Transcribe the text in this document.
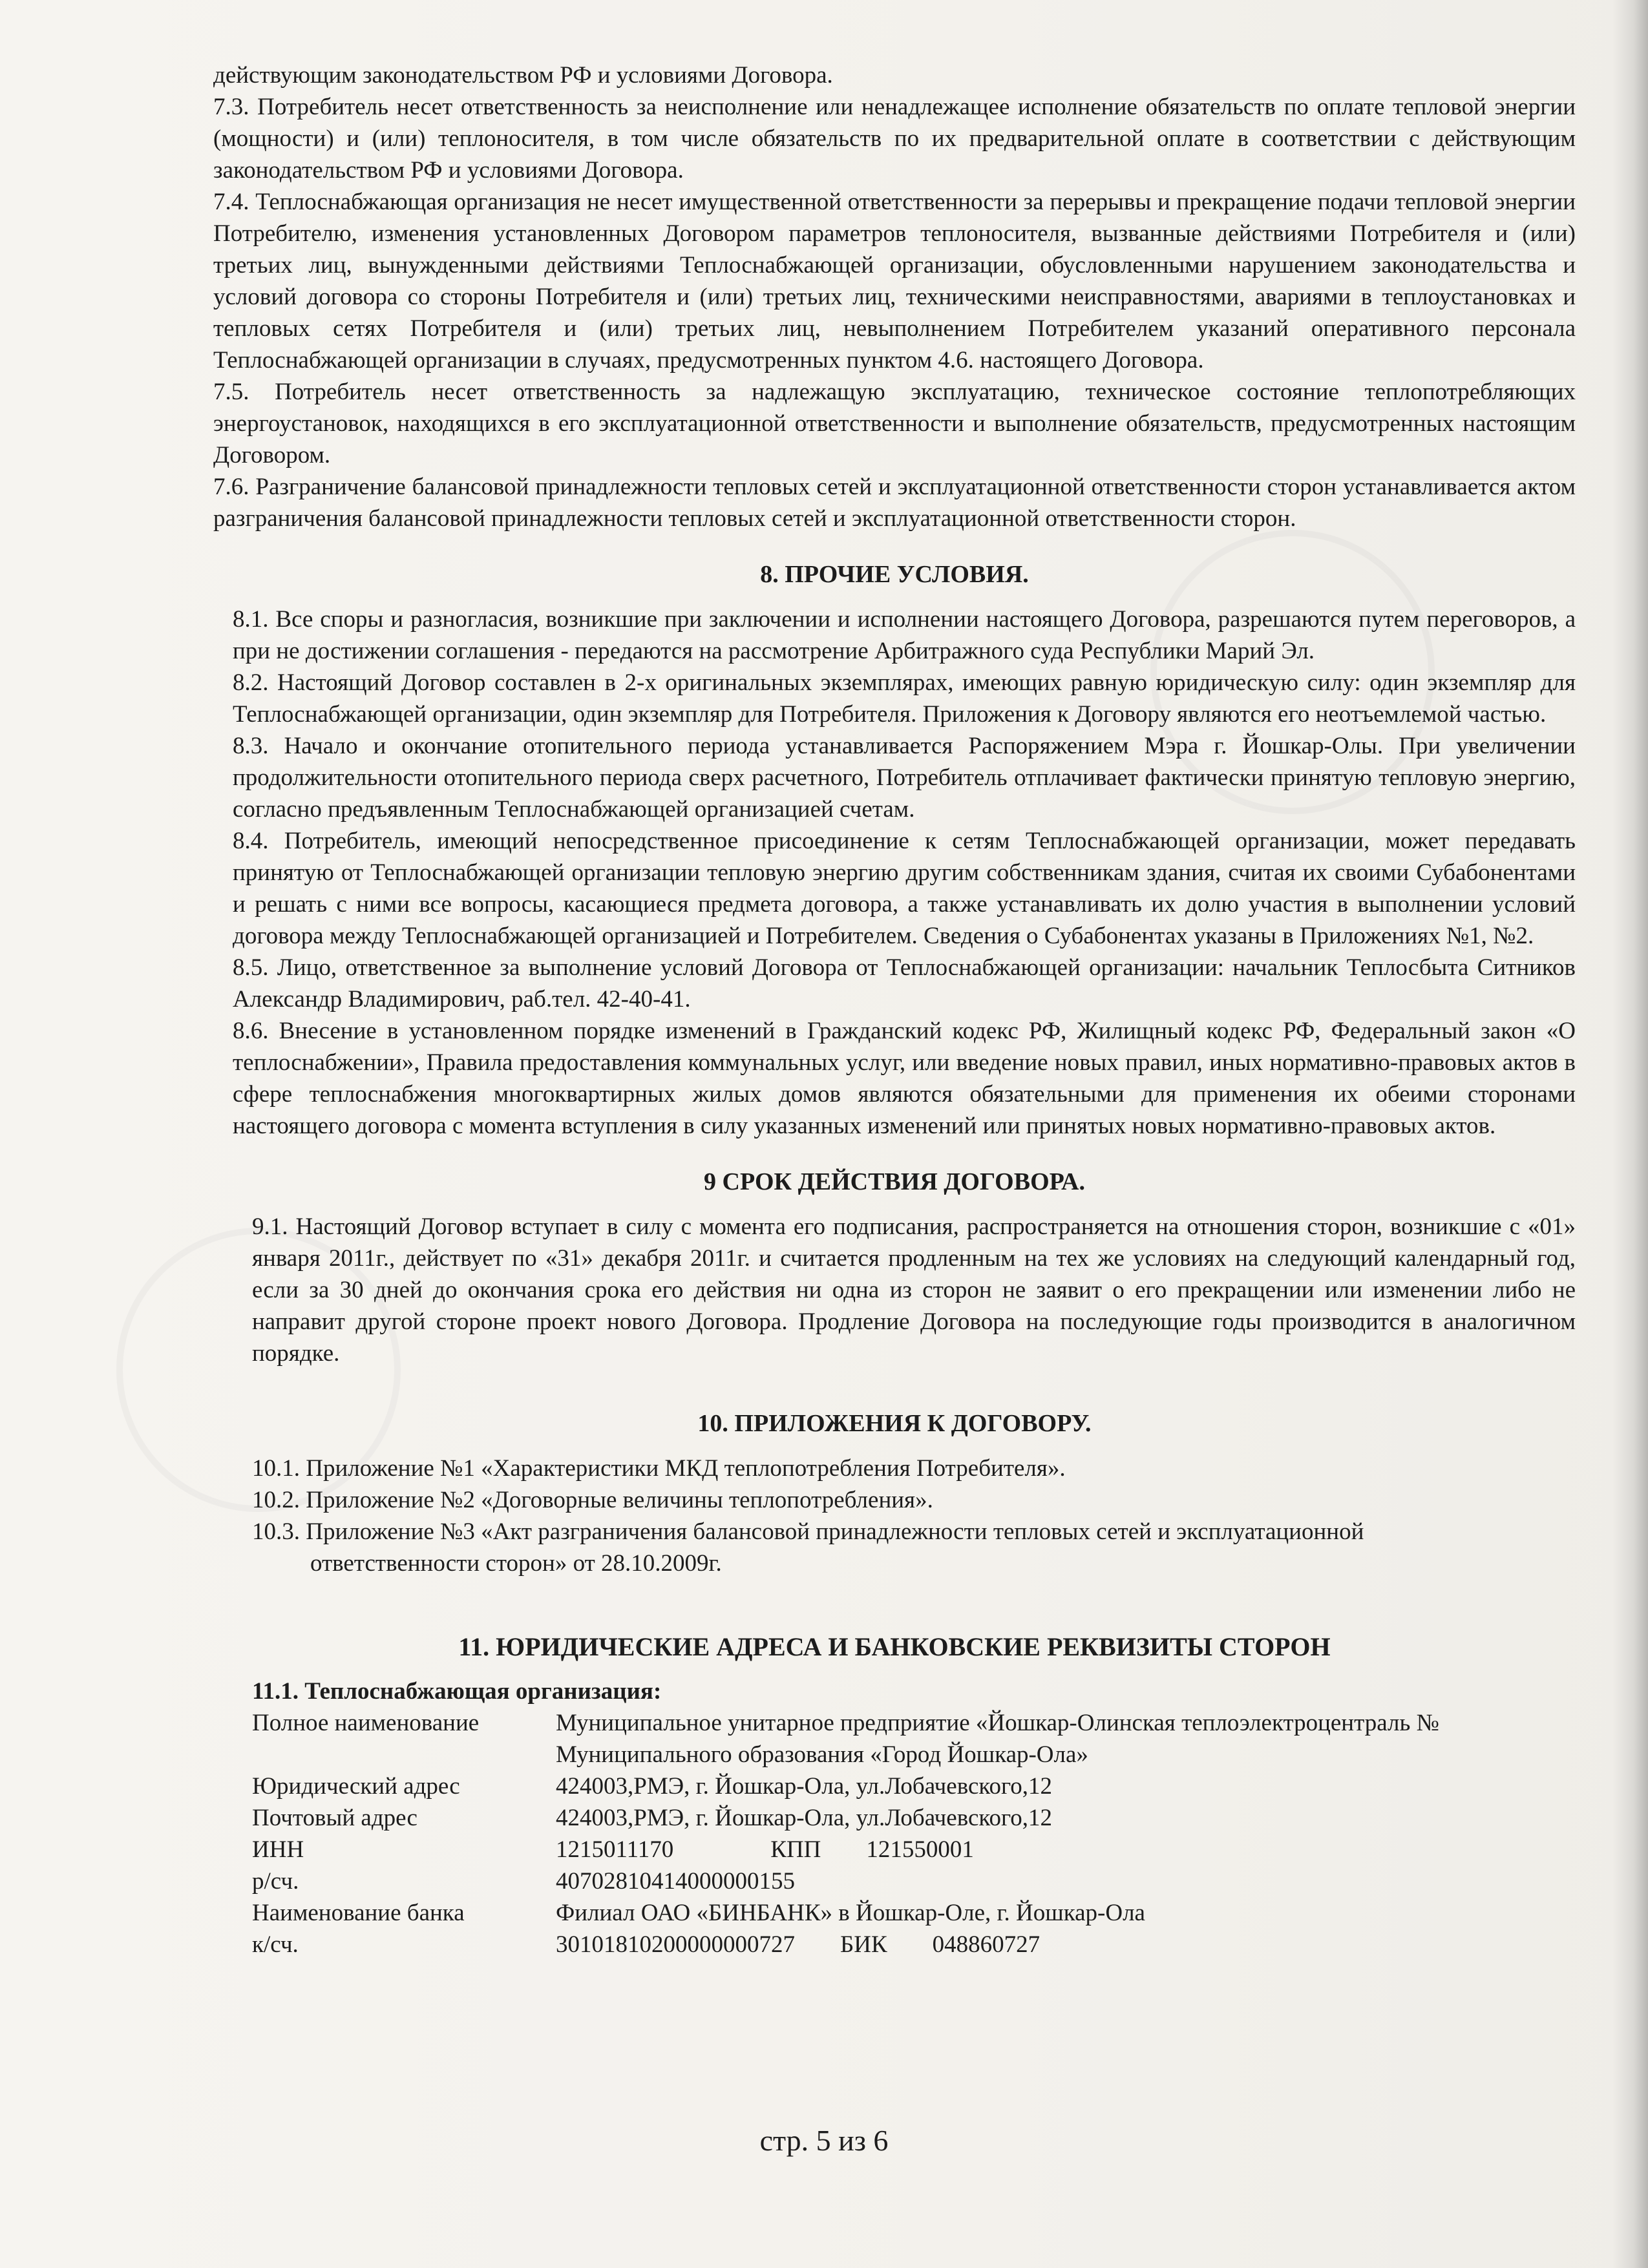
действующим законодательством РФ и условиями Договора.

7.3. Потребитель несет ответственность за неисполнение или ненадлежащее исполнение обязательств по оплате тепловой энергии (мощности) и (или) теплоносителя, в том числе обязательств по их предварительной оплате в соответствии с действующим законодательством РФ и условиями Договора.

7.4. Теплоснабжающая организация не несет имущественной ответственности за перерывы и прекращение подачи тепловой энергии Потребителю, изменения установленных Договором параметров теплоносителя, вызванные действиями Потребителя и (или) третьих лиц, вынужденными действиями Теплоснабжающей организации, обусловленными нарушением законодательства и условий договора со стороны Потребителя и (или) третьих лиц, техническими неисправностями, авариями в теплоустановках и тепловых сетях Потребителя и (или) третьих лиц, невыполнением Потребителем указаний оперативного персонала Теплоснабжающей организации в случаях, предусмотренных пунктом 4.6. настоящего Договора.

7.5. Потребитель несет ответственность за надлежащую эксплуатацию, техническое состояние теплопотребляющих энергоустановок, находящихся в его эксплуатационной ответственности и выполнение обязательств, предусмотренных настоящим Договором.

7.6. Разграничение балансовой принадлежности тепловых сетей и эксплуатационной ответственности сторон устанавливается актом разграничения балансовой принадлежности тепловых сетей и эксплуатационной ответственности сторон.

8. ПРОЧИЕ УСЛОВИЯ.

8.1. Все споры и разногласия, возникшие при заключении и исполнении настоящего Договора, разрешаются путем переговоров, а при не достижении соглашения - передаются на рассмотрение Арбитражного суда Республики Марий Эл.

8.2. Настоящий Договор составлен в 2-х оригинальных экземплярах, имеющих равную юридическую силу: один экземпляр для Теплоснабжающей организации, один экземпляр для Потребителя. Приложения к Договору являются его неотъемлемой частью.

8.3. Начало и окончание отопительного периода устанавливается Распоряжением Мэра г. Йошкар-Олы. При увеличении продолжительности отопительного периода сверх расчетного, Потребитель отплачивает фактически принятую тепловую энергию, согласно предъявленным Теплоснабжающей организацией счетам.

8.4. Потребитель, имеющий непосредственное присоединение к сетям Теплоснабжающей организации, может передавать принятую от Теплоснабжающей организации тепловую энергию другим собственникам здания, считая их своими Субабонентами и решать с ними все вопросы, касающиеся предмета договора, а также устанавливать их долю участия в выполнении условий договора между Теплоснабжающей организацией и Потребителем. Сведения о Субабонентах указаны в Приложениях №1, №2.

8.5. Лицо, ответственное за выполнение условий Договора от Теплоснабжающей организации: начальник Теплосбыта Ситников Александр Владимирович, раб.тел. 42-40-41.

8.6. Внесение в установленном порядке изменений в Гражданский кодекс РФ, Жилищный кодекс РФ, Федеральный закон «О теплоснабжении», Правила предоставления коммунальных услуг, или введение новых правил, иных нормативно-правовых актов в сфере теплоснабжения многоквартирных жилых домов являются обязательными для применения их обеими сторонами настоящего договора с момента вступления в силу указанных изменений или принятых новых нормативно-правовых актов.

9 СРОК ДЕЙСТВИЯ ДОГОВОРА.

9.1. Настоящий Договор вступает в силу с момента его подписания, распространяется на отношения сторон, возникшие с «01» января 2011г., действует по «31» декабря 2011г. и считается продленным на тех же условиях на следующий календарный год, если за 30 дней до окончания срока его действия ни одна из сторон не заявит о его прекращении или изменении либо не направит другой стороне проект нового Договора. Продление Договора на последующие годы производится в аналогичном порядке.

10. ПРИЛОЖЕНИЯ К ДОГОВОРУ.

10.1. Приложение №1 «Характеристики МКД теплопотребления Потребителя».

10.2. Приложение №2 «Договорные величины теплопотребления».

10.3. Приложение №3 «Акт разграничения балансовой принадлежности тепловых сетей и эксплуатационной

ответственности сторон» от 28.10.2009г.

11. ЮРИДИЧЕСКИЕ АДРЕСА И БАНКОВСКИЕ РЕКВИЗИТЫ СТОРОН
11.1. Теплоснабжающая организация:
Полное наименование	Муниципальное унитарное предприятие «Йошкар-Олинская теплоэлектроцентраль №
Муниципального образования «Город Йошкар-Ола»
Юридический адрес	424003,РМЭ, г. Йошкар-Ола, ул.Лобачевского,12
Почтовый адрес	424003,РМЭ, г. Йошкар-Ола, ул.Лобачевского,12
ИНН	1215011170	КПП 121550001
р/сч.	40702810414000000155
Наименование банка	Филиал ОАО «БИНБАНК» в Йошкар-Оле, г. Йошкар-Ола
к/сч.	30101810200000000727 БИК 048860727
стр. 5 из 6
